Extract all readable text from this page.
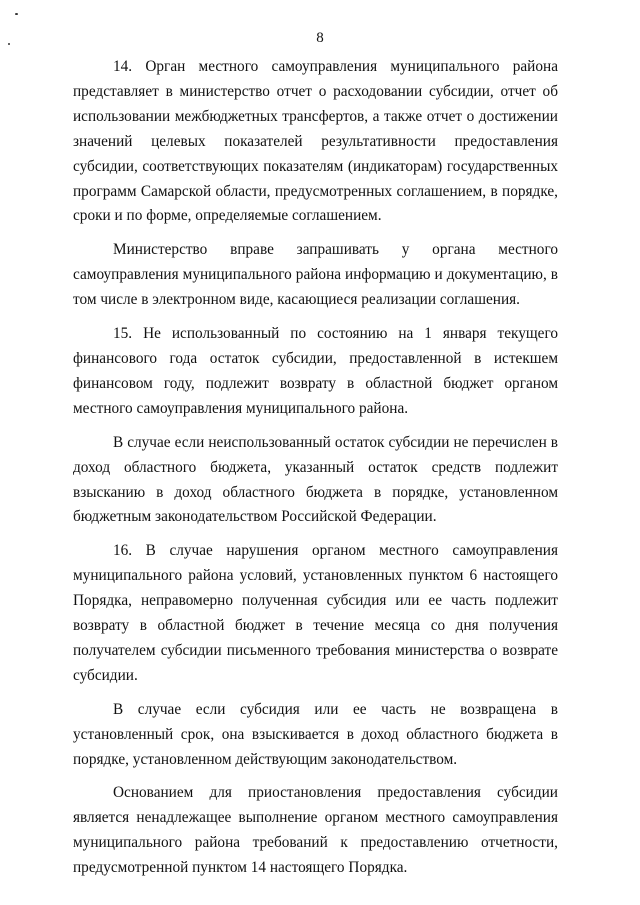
8

14. Орган местного самоуправления муниципального района представляет в министерство отчет о расходовании субсидии, отчет об использовании межбюджетных трансфертов, а также отчет о достижении значений целевых показателей результативности предоставления субсидии, соответствующих показателям (индикаторам) государственных программ Самарской области, предусмотренных соглашением, в порядке, сроки и по форме, определяемые соглашением.

Министерство вправе запрашивать у органа местного самоуправления муниципального района информацию и документацию, в том числе в электронном виде, касающиеся реализации соглашения.

15. Не использованный по состоянию на 1 января текущего финансового года остаток субсидии, предоставленной в истекшем финансовом году, подлежит возврату в областной бюджет органом местного самоуправления муниципального района.

В случае если неиспользованный остаток субсидии не перечислен в доход областного бюджета, указанный остаток средств подлежит взысканию в доход областного бюджета в порядке, установленном бюджетным законодательством Российской Федерации.

16. В случае нарушения органом местного самоуправления муниципального района условий, установленных пунктом 6 настоящего Порядка, неправомерно полученная субсидия или ее часть подлежит возврату в областной бюджет в течение месяца со дня получения получателем субсидии письменного требования министерства о возврате субсидии.

В случае если субсидия или ее часть не возвращена в установленный срок, она взыскивается в доход областного бюджета в порядке, установленном действующим законодательством.

Основанием для приостановления предоставления субсидии является ненадлежащее выполнение органом местного самоуправления муниципального района требований к предоставлению отчетности, предусмотренной пунктом 14 настоящего Порядка.
